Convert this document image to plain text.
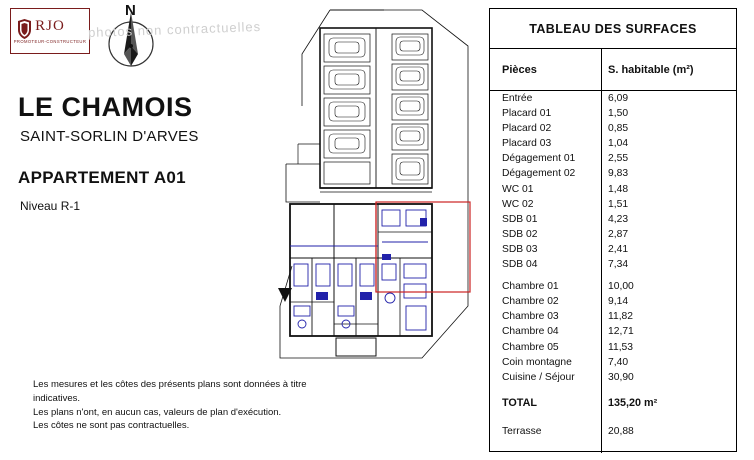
RJO
PROMOTEUR-CONSTRUCTEUR
N
photos non contractuelles
LE CHAMOIS
SAINT-SORLIN D'ARVES
APPARTEMENT A01
Niveau R-1
Les mesures et les côtes des présents plans sont données à titre
indicatives.
Les plans n'ont, en aucun cas, valeurs de plan d'exécution.
Les côtes ne sont pas contractuelles.
TABLEAU DES SURFACES
Pièces	S. habitable (m²)
Entrée	6,09
Placard 01	1,50
Placard 02	0,85
Placard 03	1,04
Dégagement 01	2,55
Dégagement 02	9,83
WC 01	1,48
WC 02	1,51
SDB 01	4,23
SDB 02	2,87
SDB 03	2,41
SDB 04	7,34
Chambre 01	10,00
Chambre 02	9,14
Chambre 03	11,82
Chambre 04	12,71
Chambre 05	11,53
Coin montagne	7,40
Cuisine / Séjour	30,90
TOTAL	135,20 m²
Terrasse	20,88
